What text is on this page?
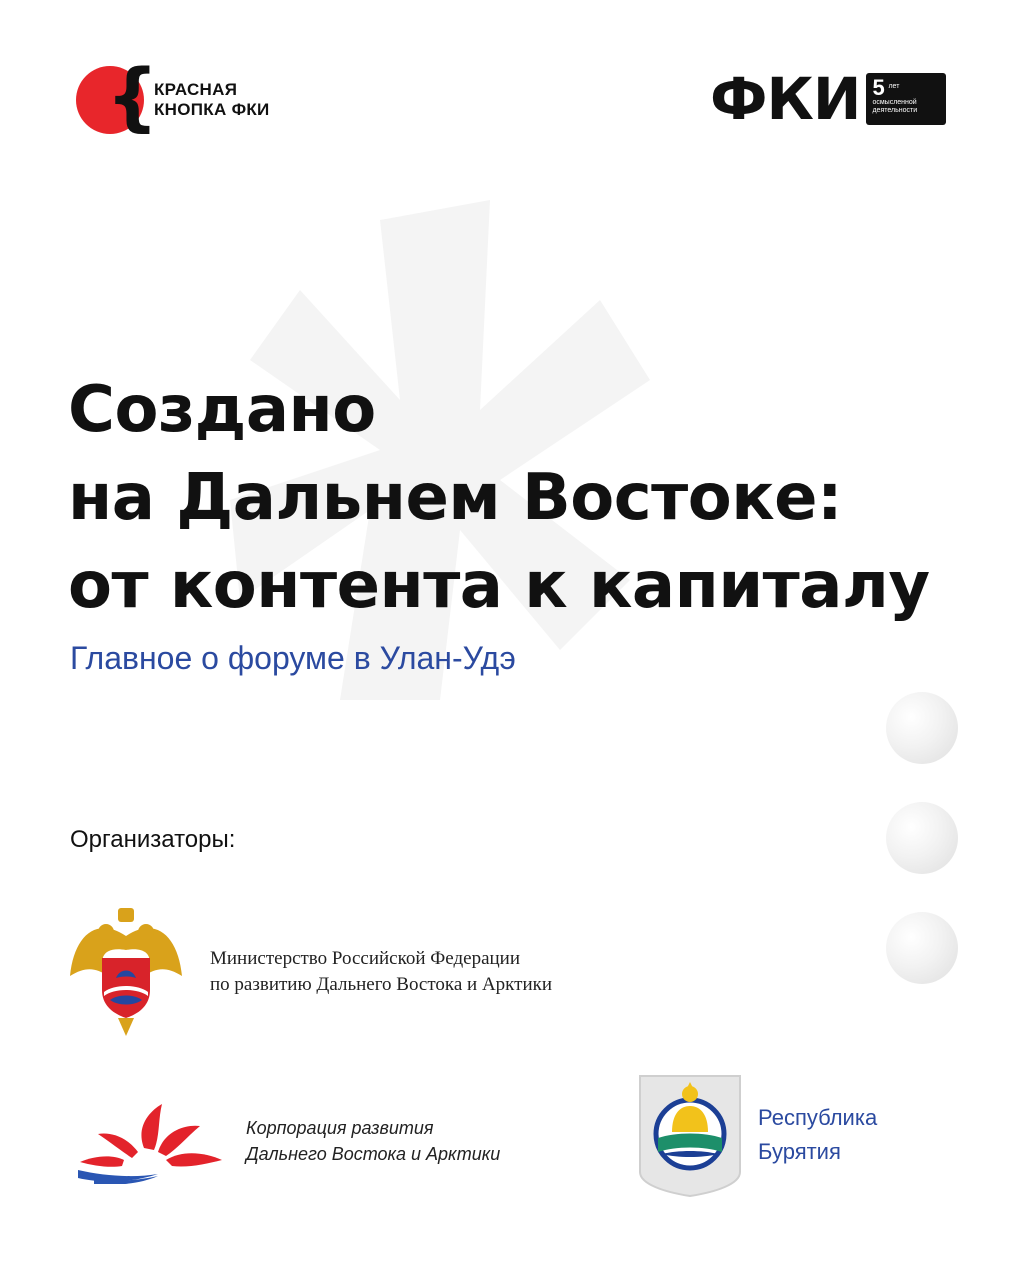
{
КРАСНАЯ
КНОПКА ФКИ	ФКИ 5 лет
осмысленной
деятельности
Создано
на Дальнем Востоке:
от контента к капиталу
Главное о форуме в Улан-Удэ
Организаторы:
Министерство Российской Федерации
по развитию Дальнего Востока и Арктики
Корпорация развития
Дальнего Востока и Арктики
Республика
Бурятия
